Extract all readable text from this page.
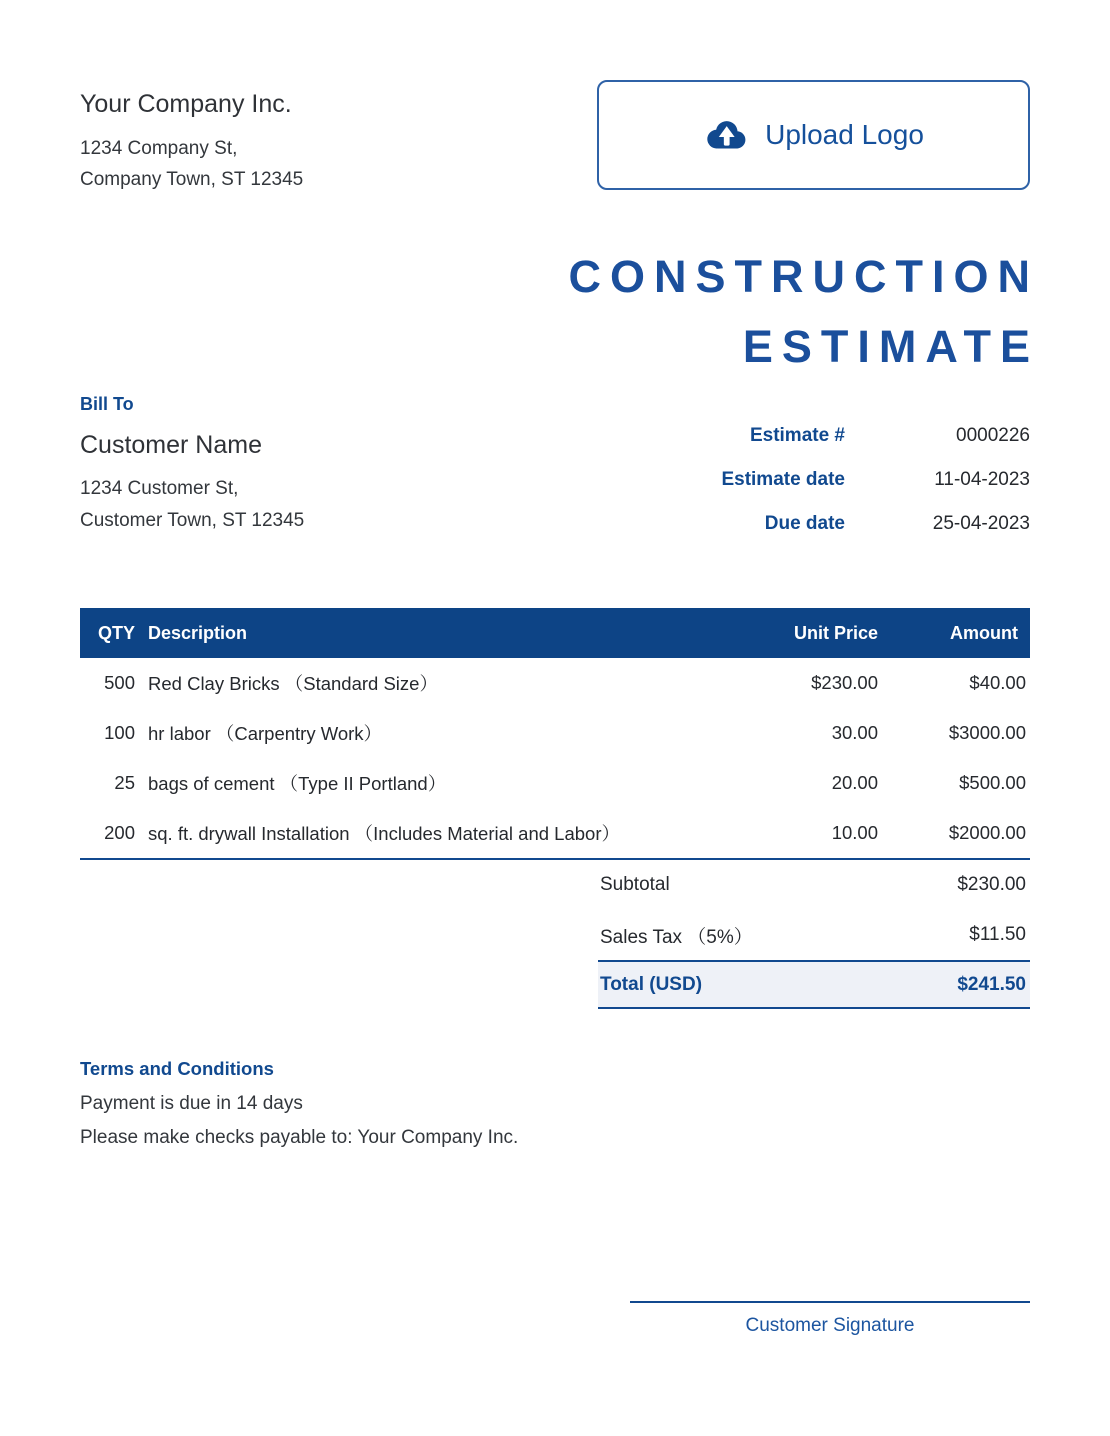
Your Company Inc.
1234 Company St,
Company Town, ST 12345
Upload Logo
CONSTRUCTION
ESTIMATE
Bill To
Customer Name
1234 Customer St,
Customer Town, ST 12345
Estimate #	0000226
Estimate date	11-04-2023
Due date	25-04-2023
QTY Description	Unit Price	Amount
500 Red Clay Bricks （Standard Size）	$230.00	$40.00
100 hr labor （Carpentry Work）	30.00	$3000.00
25 bags of cement （Type II Portland）	20.00	$500.00
200 sq. ft. drywall Installation （Includes Material and Labor）	10.00	$2000.00
Subtotal	$230.00
Sales Tax （5%）	$11.50
Total (USD)	$241.50
Terms and Conditions
Payment is due in 14 days
Please make checks payable to: Your Company Inc.
Customer Signature
